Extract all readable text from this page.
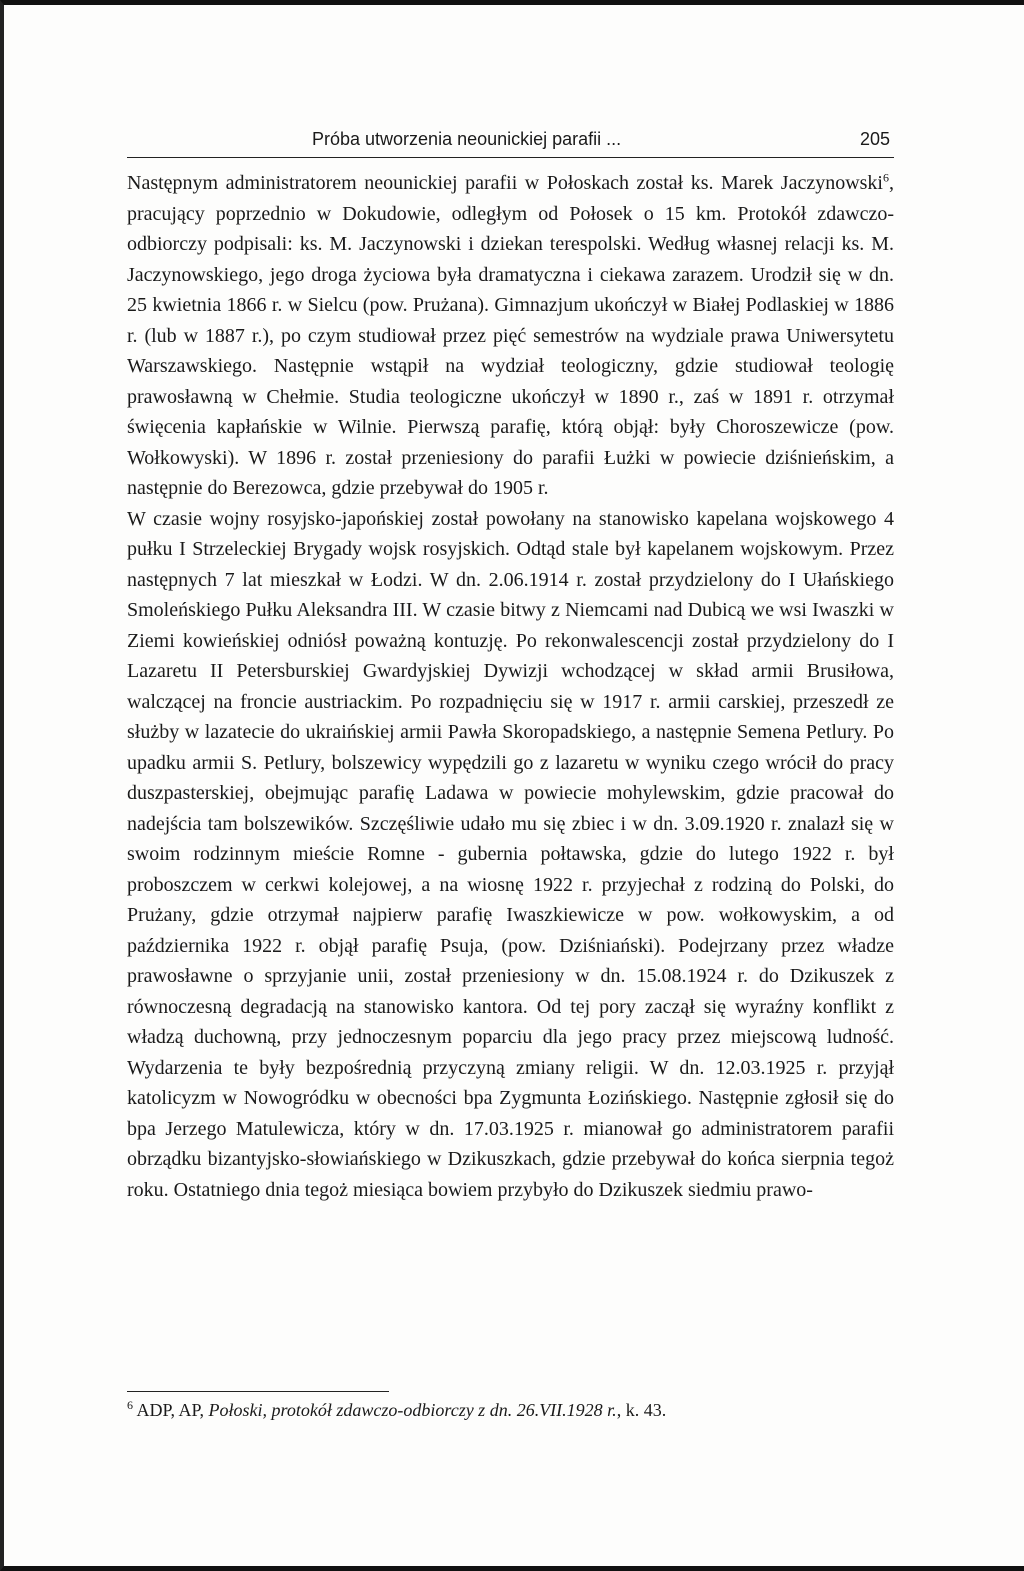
Próba utworzenia neounickiej parafii ...	205

Następnym administratorem neounickiej parafii w Połoskach został ks. Marek Jaczynowski$^6$, pracujący poprzednio w Dokudowie, odległym od Połosek o 15 km. Protokół zdawczo-odbiorczy podpisali: ks. M. Jaczynowski i dziekan terespolski. Według własnej relacji ks. M. Jaczynowskiego, jego droga życiowa była dramatyczna i ciekawa zarazem. Urodził się w dn. 25 kwietnia 1866 r. w Sielcu (pow. Prużana). Gimnazjum ukończył w Białej Podlaskiej w 1886 r. (lub w 1887 r.), po czym studiował przez pięć semestrów na wydziale prawa Uniwersytetu Warszawskiego. Następnie wstąpił na wydział teologiczny, gdzie studiował teologię prawosławną w Chełmie. Studia teologiczne ukończył w 1890 r., zaś w 1891 r. otrzymał święcenia kapłańskie w Wilnie. Pierwszą parafię, którą objął: były Choroszewicze (pow. Wołkowyski). W 1896 r. został przeniesiony do parafii Łużki w powiecie dziśnieńskim, a następnie do Berezowca, gdzie przebywał do 1905 r.

W czasie wojny rosyjsko-japońskiej został powołany na stanowisko kapelana wojskowego 4 pułku I Strzeleckiej Brygady wojsk rosyjskich. Odtąd stale był kapelanem wojskowym. Przez następnych 7 lat mieszkał w Łodzi. W dn. 2.06.1914 r. został przydzielony do I Ułańskiego Smoleńskiego Pułku Aleksandra III. W czasie bitwy z Niemcami nad Dubicą we wsi Iwaszki w Ziemi kowieńskiej odniósł poważną kontuzję. Po rekonwalescencji został przydzielony do I Lazaretu II Petersburskiej Gwardyjskiej Dywizji wchodzącej w skład armii Brusiłowa, walczącej na froncie austriackim. Po rozpadnięciu się w 1917 r. armii carskiej, przeszedł ze służby w lazatecie do ukraińskiej armii Pawła Skoropadskiego, a następnie Semena Petlury. Po upadku armii S. Petlury, bolszewicy wypędzili go z lazaretu w wyniku czego wrócił do pracy duszpasterskiej, obejmując parafię Ladawa w powiecie mohylewskim, gdzie pracował do nadejścia tam bolszewików. Szczęśliwie udało mu się zbiec i w dn. 3.09.1920 r. znalazł się w swoim rodzinnym mieście Romne - gubernia połtawska, gdzie do lutego 1922 r. był proboszczem w cerkwi kolejowej, a na wiosnę 1922 r. przyjechał z rodziną do Polski, do Prużany, gdzie otrzymał najpierw parafię Iwaszkiewicze w pow. wołkowyskim, a od października 1922 r. objął parafię Psuja, (pow. Dziśniański). Podejrzany przez władze prawosławne o sprzyjanie unii, został przeniesiony w dn. 15.08.1924 r. do Dzikuszek z równoczesną degradacją na stanowisko kantora. Od tej pory zaczął się wyraźny konflikt z władzą duchowną, przy jednoczesnym poparciu dla jego pracy przez miejscową ludność. Wydarzenia te były bezpośrednią przyczyną zmiany religii. W dn. 12.03.1925 r. przyjął katolicyzm w Nowogródku w obecności bpa Zygmunta Łozińskiego. Następnie zgłosił się do bpa Jerzego Matulewicza, który w dn. 17.03.1925 r. mianował go administratorem parafii obrządku bizantyjsko-słowiańskiego w Dzikuszkach, gdzie przebywał do końca sierpnia tegoż roku. Ostatniego dnia tegoż miesiąca bowiem przybyło do Dzikuszek siedmiu prawo-

$^6$ ADP, AP, Połoski, protokół zdawczo-odbiorczy z dn. 26.VII.1928 r., k. 43.
